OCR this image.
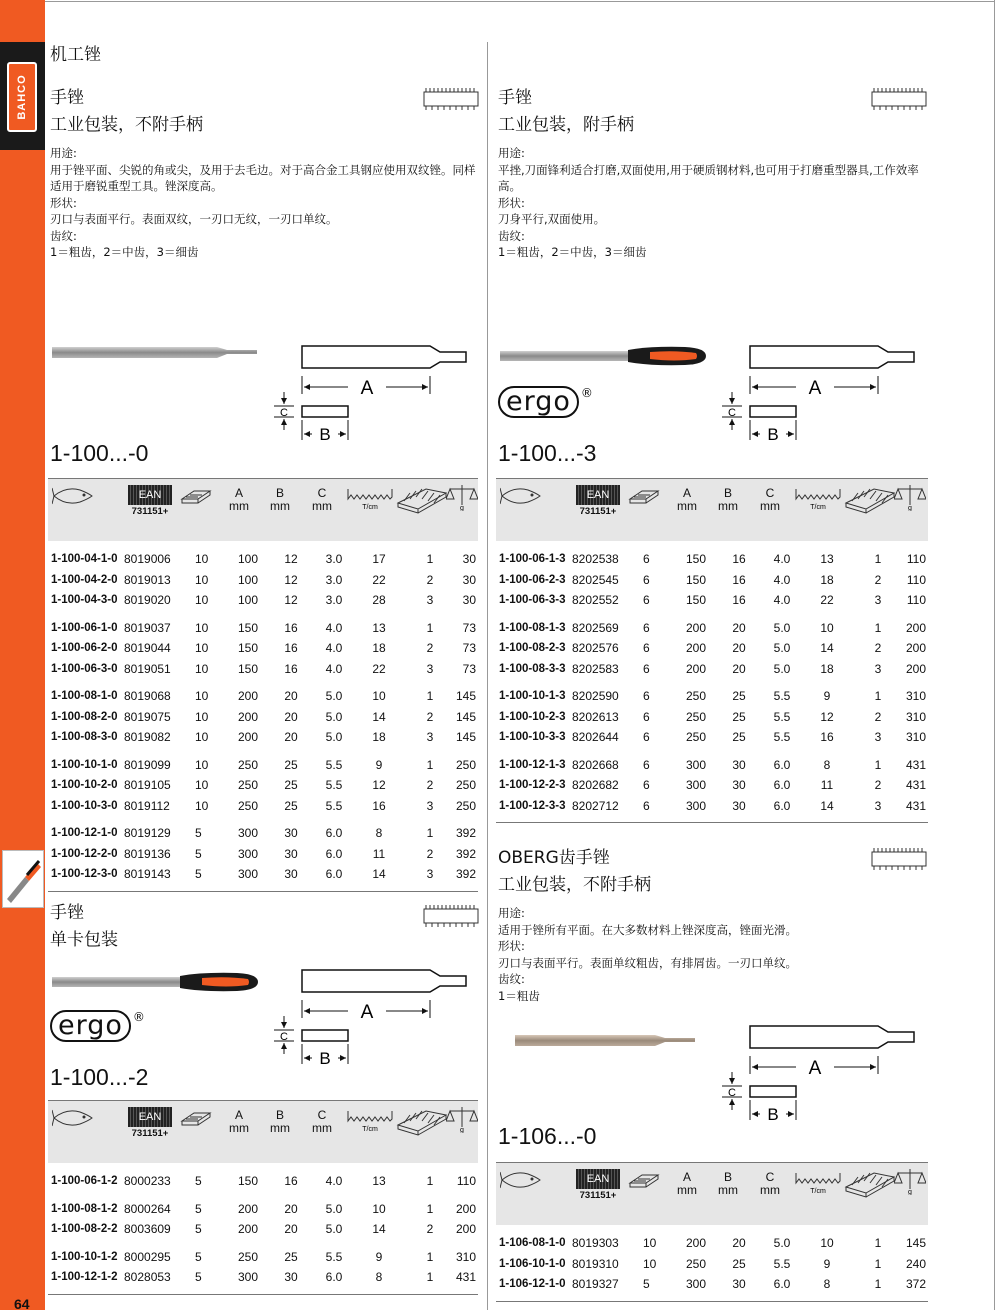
BAHCO
64
机工锉
手锉
工业包装，不附手柄
用途:
用于锉平面、尖锐的角或尖，及用于去毛边。对于高合金工具钢应使用双纹锉。同样适用于磨锐重型工具。锉深度高。
形状:
刃口与表面平行。表面双纹，一刃口无纹，一刃口单纹。
齿纹:
1＝粗齿，2＝中齿，3＝细齿
A
C
B
1-100...-0
EAN
731151+
A
mm
B
mm
C
mm	T/cm	g
1-100-04-1-0 8019006 10	100	12	3.0	17	1	30
1-100-04-2-0 8019013 10	100	12	3.0	22	2	30
1-100-04-3-0 8019020 10	100	12	3.0	28	3	30
1-100-06-1-0 8019037 10	150	16	4.0	13	1	73
1-100-06-2-0 8019044 10	150	16	4.0	18	2	73
1-100-06-3-0 8019051 10	150	16	4.0	22	3	73
1-100-08-1-0 8019068 10	200	20	5.0	10	1	145
1-100-08-2-0 8019075 10	200	20	5.0	14	2	145
1-100-08-3-0 8019082 10	200	20	5.0	18	3	145
1-100-10-1-0 8019099 10	250	25	5.5	9	1	250
1-100-10-2-0 8019105 10	250	25	5.5	12	2	250
1-100-10-3-0 8019112 10	250	25	5.5	16	3	250
1-100-12-1-0 8019129 5	300	30	6.0	8	1	392
1-100-12-2-0 8019136 5	300	30	6.0	11	2	392
1-100-12-3-0 8019143 5	300	30	6.0	14	3	392
手锉
工业包装，附手柄
用途:
平挫,刀面锋利适合打磨,双面使用,用于硬质钢材料,也可用于打磨重型器具,工作效率高。
形状:
刀身平行,双面使用。
齿纹:
1＝粗齿，2＝中齿，3＝细齿
ergo ®	A
C
B
1-100...-3
EAN
731151+
A
mm
B
mm
C
mm	T/cm	g
1-100-06-1-3 8202538 6	150	16	4.0	13	1	110
1-100-06-2-3 8202545 6	150	16	4.0	18	2	110
1-100-06-3-3 8202552 6	150	16	4.0	22	3	110
1-100-08-1-3 8202569 6	200	20	5.0	10	1	200
1-100-08-2-3 8202576 6	200	20	5.0	14	2	200
1-100-08-3-3 8202583 6	200	20	5.0	18	3	200
1-100-10-1-3 8202590 6	250	25	5.5	9	1	310
1-100-10-2-3 8202613 6	250	25	5.5	12	2	310
1-100-10-3-3 8202644 6	250	25	5.5	16	3	310
1-100-12-1-3 8202668 6	300	30	6.0	8	1	431
1-100-12-2-3 8202682 6	300	30	6.0	11	2	431
1-100-12-3-3 8202712 6	300	30	6.0	14	3	431
手锉
单卡包装
ergo ®	A
C
B
1-100...-2
EAN
731151+
A
mm
B
mm
C
mm	T/cm	g
1-100-06-1-2 8000233 5	150	16	4.0	13	1	110
1-100-08-1-2 8000264 5	200	20	5.0	10	1	200
1-100-08-2-2 8003609 5	200	20	5.0	14	2	200
1-100-10-1-2 8000295 5	250	25	5.5	9	1	310
1-100-12-1-2 8028053 5	300	30	6.0	8	1	431
OBERG齿手锉
工业包装，不附手柄
用途:
适用于锉所有平面。在大多数材料上锉深度高，锉面光滑。
形状:
刃口与表面平行。表面单纹粗齿，有排屑齿。一刃口单纹。
齿纹:
1＝粗齿
A
C
B
1-106...-0
EAN
731151+
A
mm
B
mm
C
mm	T/cm	g
1-106-08-1-0 8019303 10	200	20	5.0	10	1	145
1-106-10-1-0 8019310 10	250	25	5.5	9	1	240
1-106-12-1-0 8019327 5	300	30	6.0	8	1	372
